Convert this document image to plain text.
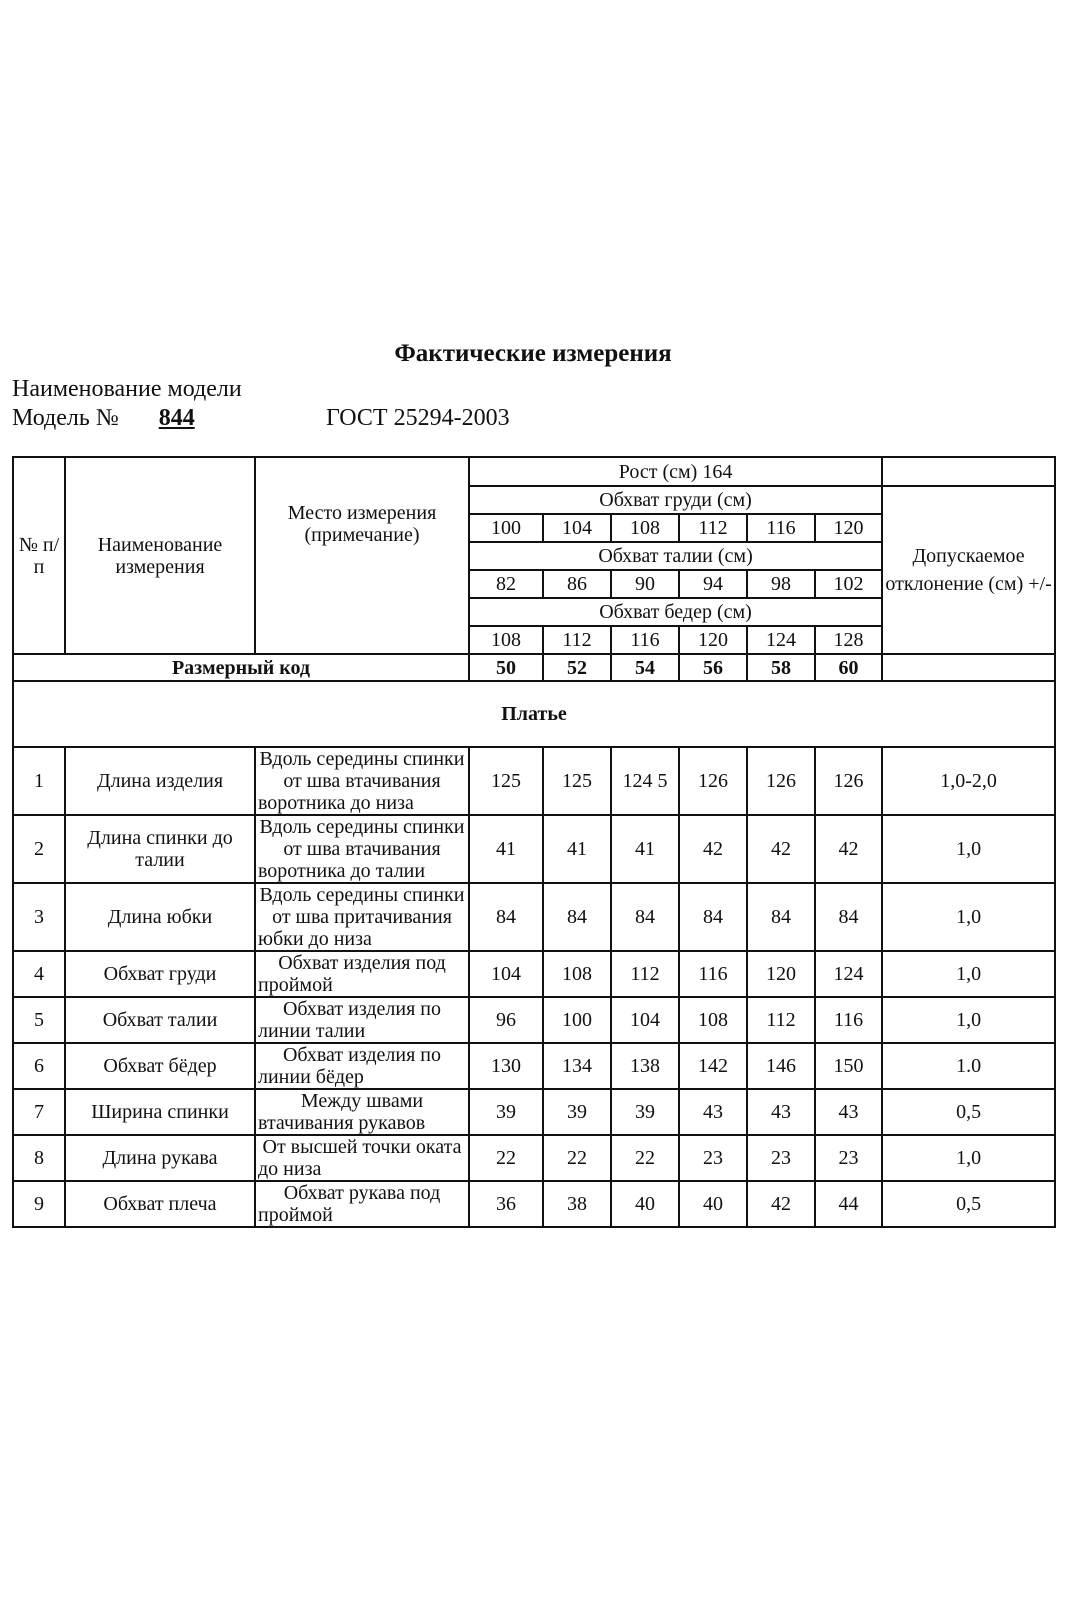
Фактические измерения
Наименование модели
Модель № 844	ГОСТ 25294-2003
№ п/ п	Наименование измерения	Место измерения (примечание)	Рост (см) 164						
			Обхват груди (см)						Допускаемое отклонение (см) +/-
			100	104	108	112	116	120	
			Обхват талии (см)						
			82	86	90	94	98	102	
			Обхват бедер (см)						
			108	112	116	120	124	128	
Размерный код			50	52	54	56	58	60	
Платье									
1	Длина изделия	Вдоль середины спинки от шва втачивания воротника до низа	125	125	124 5	126	126	126	1,0-2,0
2	Длина спинки до талии	Вдоль середины спинки от шва втачивания воротника до талии	41	41	41	42	42	42	1,0
3	Длина юбки	Вдоль середины спинки от шва притачивания юбки до низа	84	84	84	84	84	84	1,0
4	Обхват груди	Обхват изделия под проймой	104	108	112	116	120	124	1,0
5	Обхват талии	Обхват изделия по линии талии	96	100	104	108	112	116	1,0
6	Обхват бёдер	Обхват изделия по линии бёдер	130	134	138	142	146	150	1.0
7	Ширина спинки	Между швами втачивания рукавов	39	39	39	43	43	43	0,5
8	Длина рукава	От высшей точки оката до низа	22	22	22	23	23	23	1,0
9	Обхват плеча	Обхват рукава под проймой	36	38	40	40	42	44	0,5
